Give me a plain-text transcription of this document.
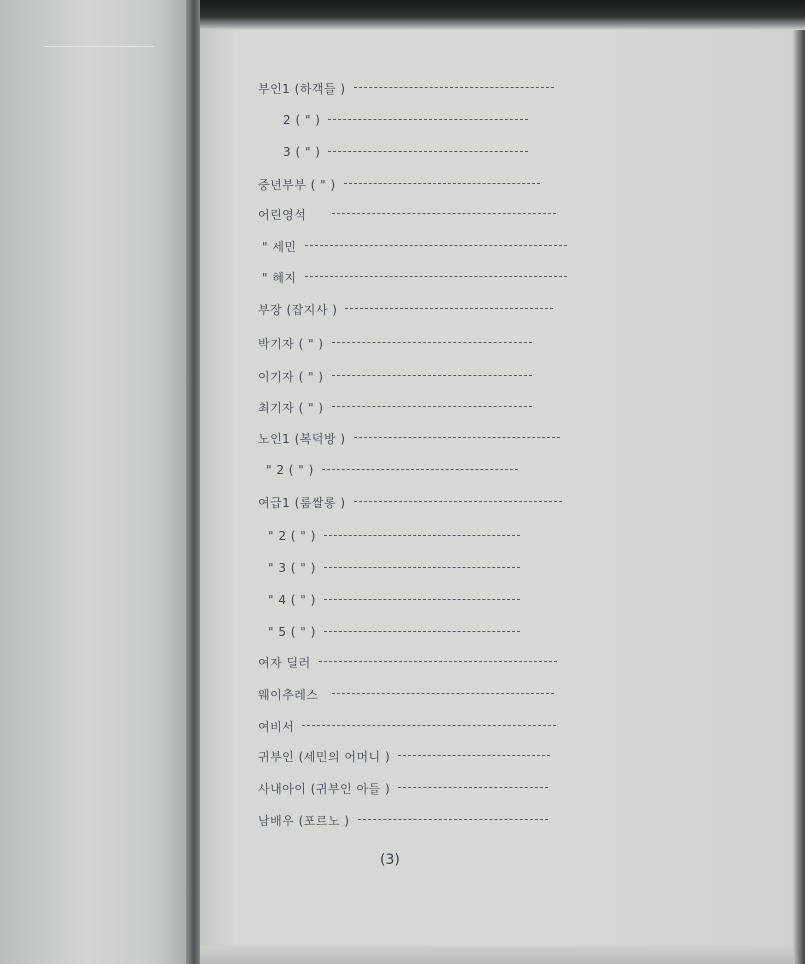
부인1 (하객들 )
2 ( " )
3 ( " )
중년부부 ( " )
어린영석
" 세민
" 혜지
부장 (잡지사 )
박기자 ( " )
이기자 ( " )
최기자 ( " )
노인1 (복덕방 )
" 2 ( " )
여급1 (룸쌀롱 )
" 2 ( " )
" 3 ( " )
" 4 ( " )
" 5 ( " )
여자 딜러
웨이추레스
여비서
귀부인 (세민의 어머니 )
사내아이 (귀부인 아들 )
남배우 (포르노 )
(3)
